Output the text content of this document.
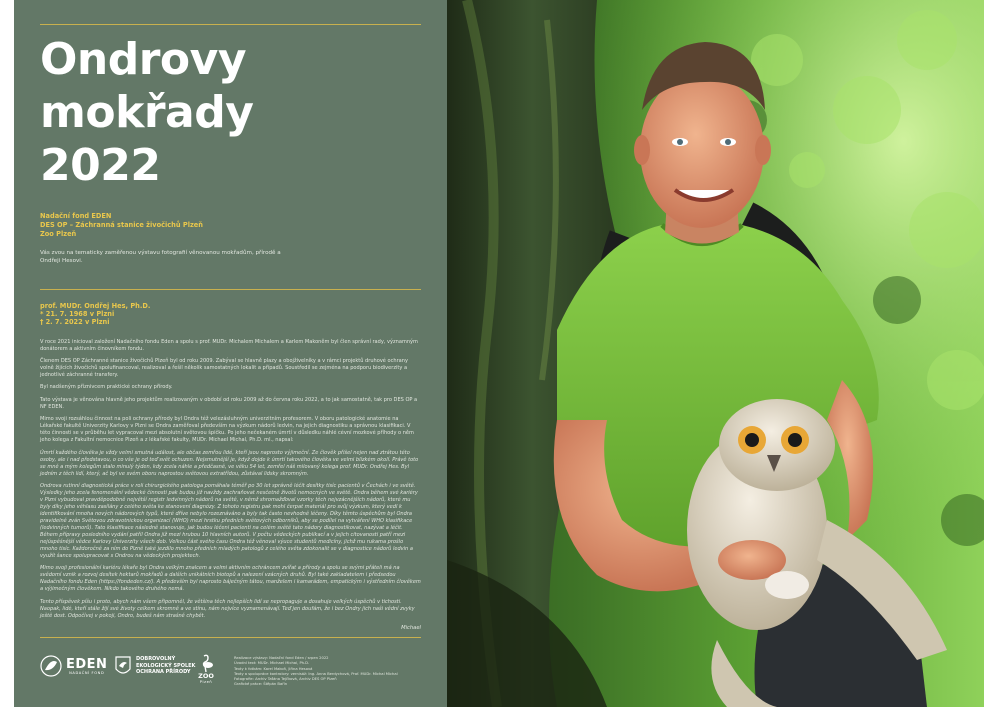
Ondrovy
mokřady
2022
Nadační fond EDEN
DES OP – Záchranná stanice živočichů Plzeň
Zoo Plzeň

Vás zvou na tematicky zaměřenou výstavu fotografií věnovanou mokřadům, přírodě a Ondřeji Hesovi.

prof. MUDr. Ondřej Hes, Ph.D.
* 21. 7. 1968 v Plzni
† 2. 7. 2022 v Plzni

V roce 2021 inicioval založení Nadačního fondu Eden a spolu s prof. MUDr. Michalem Michalem a Karlem Makoněm byl člen správní rady, významným donátorem a aktivním činovníkem fondu.

Členem DES OP Záchranné stanice živočichů Plzeň byl od roku 2009. Zabýval se hlavně plazy a obojživelníky a v rámci projektů druhové ochrany volně žijících živočichů spolufinancoval, realizoval a řešil několik samostatných lokalit a případů. Soustředil se zejména na podporu biodiverzity a jednotlivé záchranné transfery.

Byl nadšeným příznivcem praktické ochrany přírody.

Tato výstava je věnována hlavně jeho projektům realizovaným v období od roku 2009 až do června roku 2022, a to jak samostatně, tak pro DES OP a NF EDEN.

Mimo svoji rozsáhlou činnost na poli ochrany přírody byl Ondra též velezásluhným univerzitním profesorem. V oboru patologické anatomie na Lékařské fakultě Univerzity Karlovy v Plzni se Ondra zaměřoval především na výzkum nádorů ledvin, na jejich diagnostiku a správnou klasifikaci. V této činnosti se v průběhu let vypracoval mezi absolutní světovou špičku. Po jeho nečekaném úmrtí v důsledku náhlé cévní mozkové příhody o něm jeho kolega z Fakultní nemocnice Plzeň a z lékařské fakulty, MUDr. Michael Michal, Ph.D. ml., napsal:

Úmrtí každého člověka je vždy velmi smutná událost, ale občas zemřou lidé, kteří jsou naprosto výjimeční. Ze člověk přišel nejen nad ztrátou této osoby, ale i nad představou, o co vše je od teď svět ochuzen. Nejsmutnější je, když dojde k úmrtí takového člověka ve velmi blízkém okolí. Právě toto se mně a mým kolegům stalo minulý týden, kdy zcela náhle a předčasně, ve věku 54 let, zemřel náš milovaný kolega prof. MUDr. Ondřej Hes. Byl jedním z těch lidí, který, ač byl ve svém oboru naprostou světovou extratřídou, zůstával lidsky skromným.

Ondrova rutinní diagnostická práce v roli chirurgického patologa pomáhala téměř po 30 let správně léčit desítky tisíc pacientů v Čechách i ve světě. Výsledky jeho zcela fenomenální vědecké činnosti pak budou již navždy zachraňovat nesčetně životů nemocných ve světě. Ondra během své kariéry v Plzni vybudoval pravděpodobně největší registr ledvinných nádorů na světě, v němž shromažďoval vzorky těch nejvzácnějších nádorů, které mu byly díky jeho věhlasu zasílány z celého světa ke stanovení diagnózy. Z tohoto registru pak mohl čerpat materiál pro svůj výzkum, který vedl k identifikování mnoha nových nádorových typů, které dříve nebylo rozeznáváno a byly tak často nevhodně léčeny. Díky těmto úspěchům byl Ondra pravidelně zván Světovou zdravotnickou organizací (WHO) mezi hrstku předních světových odborníků, aby se podílel na vytváření WHO klasifikace (ledvinných tumorů). Tato klasifikace následně stanovuje, jak budou léčeni pacienti na celém světě tato nádory diagnostikovat, nazývat a léčit. Během přípravy posledního vydání patřil Ondra již mezi hrubou 10 hlavních autorů. V počtu vědeckých publikací a v jejich citovanosti patří mezi nejúspěšnější vědce Karlovy Univerzity všech dob. Velkou část svého času Ondra též věnoval výuce studentů medicíny, jichž mu rukama prošlo mnoho tisíc. Každoročně za ním do Plzně také jezdilo mnoho předních mladých patologů z celého světa zdokonalit se v diagnostice nádorů ledvin a využít šance spolupracovat s Ondrou na vědeckých projektech.

Mimo svoji profesionální kariéru lékaře byl Ondra velkým znalcem a velmi aktivním ochráncem zvířat a přírody a spolu se svými přáteli má na svědomí vznik a rozvoj desítek hektarů mokřadů a dalších unikátních biotopů a nalezení vzácných druhů. Byl také zakladatelem i předsedou Nadačního fondu Eden (https://fondeden.cz/). A především byl naprosto báječným tátou, manželem i kamarádem, empatickým i výstředním člověkem a výjimečným člověkem. Nikdo takového druhého nemá.

Tento příspěvek píšu i proto, abych nám všem připomněl, že většina těch nejlepších lidí se nepropaguje a dosahuje velkých úspěchů v tichosti. Naopak, lidé, kteří stále žijí své životy celkem skromně a ve stínu, nám nejvíce vyznamenávají. Teď jen doufám, že i bez Ondry jich naši vědní zvyky ještě dost. Odpočívej v pokoji, Ondro, budeš nám strašně chybět.

Michael
EDEN
NADAČNÍ FOND
DOBROVOLNÝ
EKOLOGICKÝ SPOLEK
OCHRANA PŘÍRODY	ZOO
Plzeň
Realizace výstavy: Nadační fond Eden / srpen 2022
Úvodní text: MUDr. Michael Michal, Ph.D.
Texty k fotkám: Karel Makoň, Jiřina Hesová
Texty a spolupráce kontrolory: vernisáž: Ing. Anna Berdychová, Prof. MUDr. Michal Michal
Fotografie: Archiv Taťána Tejčková, Archiv DES OP Plzeň
Grafické práce: Štěpán Bařín
